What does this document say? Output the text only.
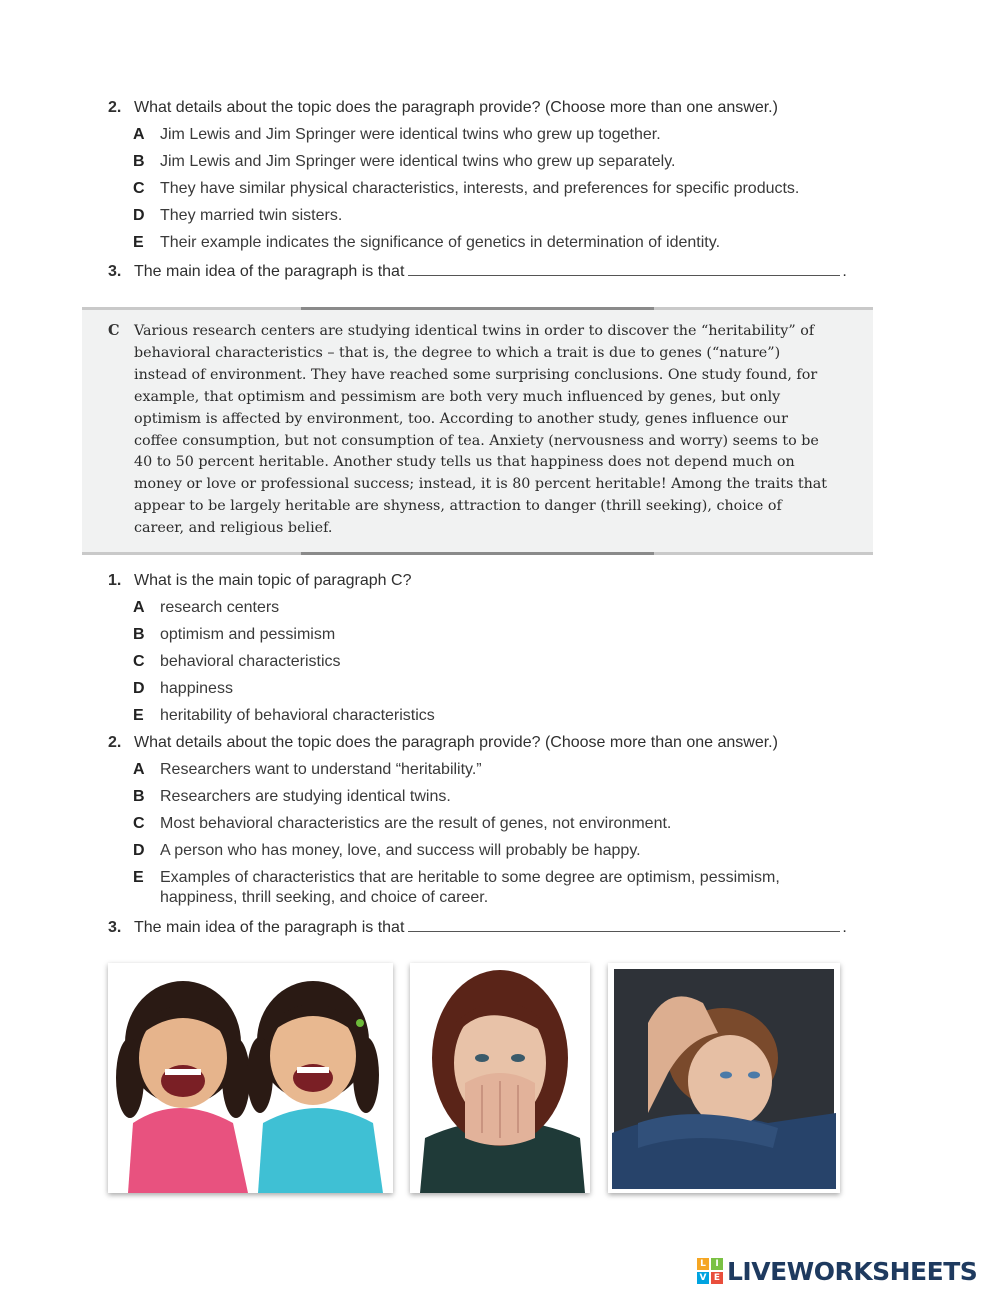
2. What details about the topic does the paragraph provide? (Choose more than one answer.)
A Jim Lewis and Jim Springer were identical twins who grew up together.
B Jim Lewis and Jim Springer were identical twins who grew up separately.
C They have similar physical characteristics, interests, and preferences for specific products.
D They married twin sisters.
E Their example indicates the significance of genetics in determination of identity.
3. The main idea of the paragraph is that	.
C Various research centers are studying identical twins in order to discover the “heritability” of behavioral characteristics – that is, the degree to which a trait is due to genes (“nature”) instead of environment. They have reached some surprising conclusions. One study found, for example, that optimism and pessimism are both very much influenced by genes, but only optimism is affected by environment, too. According to another study, genes influence our coffee consumption, but not consumption of tea. Anxiety (nervousness and worry) seems to be 40 to 50 percent heritable. Another study tells us that happiness does not depend much on money or love or professional success; instead, it is 80 percent heritable! Among the traits that appear to be largely heritable are shyness, attraction to danger (thrill seeking), choice of career, and religious belief.
1. What is the main topic of paragraph C?
A research centers
B optimism and pessimism
C behavioral characteristics
D happiness
E heritability of behavioral characteristics
2. What details about the topic does the paragraph provide? (Choose more than one answer.)
A Researchers want to understand “heritability.”
B Researchers are studying identical twins.
C Most behavioral characteristics are the result of genes, not environment.
D A person who has money, love, and success will probably be happy.
E Examples of characteristics that are heritable to some degree are optimism, pessimism, happiness, thrill seeking, and choice of career.
3. The main idea of the paragraph is that	.
L	I
V E LIVEWORKSHEETS
